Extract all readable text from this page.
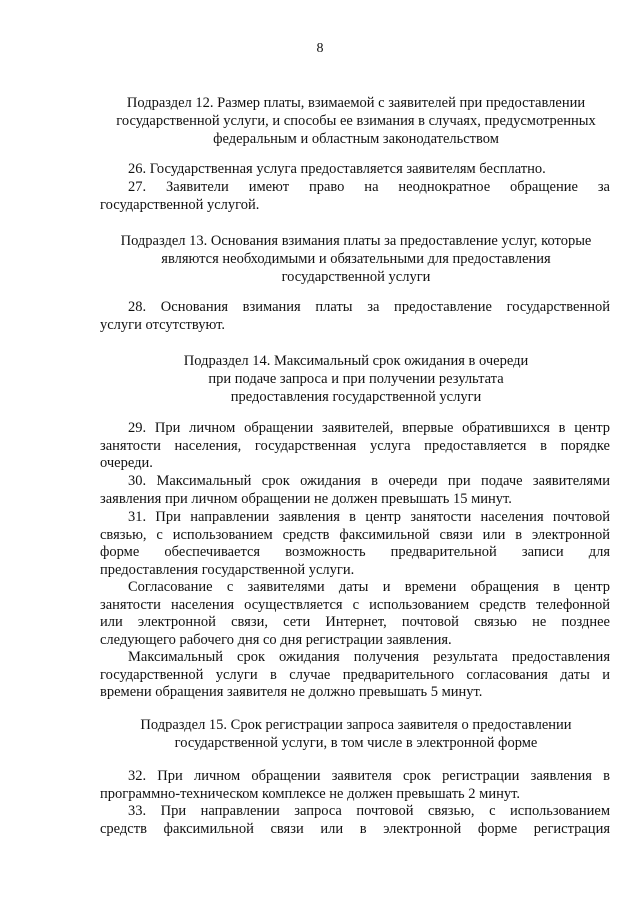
8
Подраздел 12. Размер платы, взимаемой с заявителей при предоставлении
государственной услуги, и способы ее взимания в случаях, предусмотренных
федеральным и областным законодательством
26. Государственная услуга предоставляется заявителям бесплатно.
27. Заявители имеют право на неоднократное обращение за
государственной услугой.
Подраздел 13. Основания взимания платы за предоставление услуг, которые
являются необходимыми и обязательными для предоставления
государственной услуги
28. Основания взимания платы за предоставление государственной
услуги отсутствуют.
Подраздел 14. Максимальный срок ожидания в очереди
при подаче запроса и при получении результата
предоставления государственной услуги
29. При личном обращении заявителей, впервые обратившихся в центр
занятости населения, государственная услуга предоставляется в порядке
очереди.
30. Максимальный срок ожидания в очереди при подаче заявителями
заявления при личном обращении не должен превышать 15 минут.
31. При направлении заявления в центр занятости населения почтовой
связью, с использованием средств факсимильной связи или в электронной
форме обеспечивается возможность предварительной записи для
предоставления государственной услуги.
Согласование с заявителями даты и времени обращения в центр
занятости населения осуществляется с использованием средств телефонной
или электронной связи, сети Интернет, почтовой связью не позднее
следующего рабочего дня со дня регистрации заявления.
Максимальный срок ожидания получения результата предоставления
государственной услуги в случае предварительного согласования даты и
времени обращения заявителя не должно превышать 5 минут.
Подраздел 15. Срок регистрации запроса заявителя о предоставлении
государственной услуги, в том числе в электронной форме
32. При личном обращении заявителя срок регистрации заявления в
программно-техническом комплексе не должен превышать 2 минут.
33. При направлении запроса почтовой связью, с использованием
средств факсимильной связи или в электронной форме регистрация
